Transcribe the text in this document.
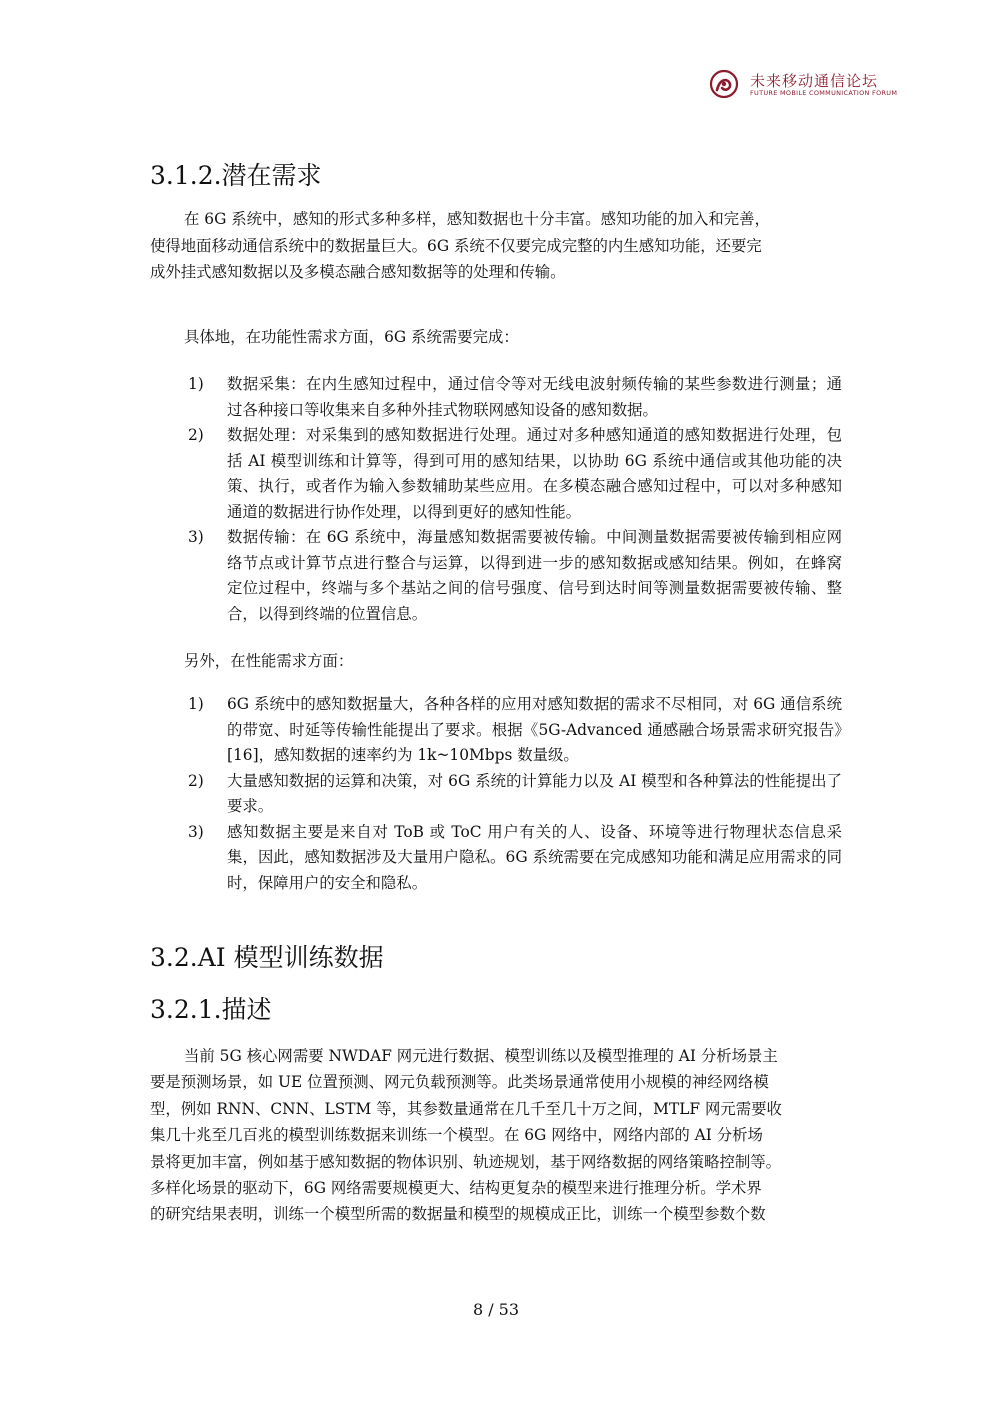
未来移动通信论坛
FUTURE MOBILE COMMUNICATION FORUM
3.1.2.潜在需求
在 6G 系统中，感知的形式多种多样，感知数据也十分丰富。感知功能的加入和完善，
使得地面移动通信系统中的数据量巨大。6G 系统不仅要完成完整的内生感知功能，还要完
成外挂式感知数据以及多模态融合感知数据等的处理和传输。

具体地，在功能性需求方面，6G 系统需要完成：

1) 数据采集：在内生感知过程中，通过信令等对无线电波射频传输的某些参数进行测量；通过各种接口等收集来自多种外挂式物联网感知设备的感知数据。
2) 数据处理：对采集到的感知数据进行处理。通过对多种感知通道的感知数据进行处理，包括 AI 模型训练和计算等，得到可用的感知结果，以协助 6G 系统中通信或其他功能的决策、执行，或者作为输入参数辅助某些应用。在多模态融合感知过程中，可以对多种感知通道的数据进行协作处理，以得到更好的感知性能。
3) 数据传输：在 6G 系统中，海量感知数据需要被传输。中间测量数据需要被传输到相应网络节点或计算节点进行整合与运算，以得到进一步的感知数据或感知结果。例如，在蜂窝定位过程中，终端与多个基站之间的信号强度、信号到达时间等测量数据需要被传输、整合，以得到终端的位置信息。

另外，在性能需求方面：

1) 6G 系统中的感知数据量大，各种各样的应用对感知数据的需求不尽相同，对 6G 通信系统的带宽、时延等传输性能提出了要求。根据《5G-Advanced 通感融合场景需求研究报告》[16]，感知数据的速率约为 1k~10Mbps 数量级。
2) 大量感知数据的运算和决策，对 6G 系统的计算能力以及 AI 模型和各种算法的性能提出了要求。
3) 感知数据主要是来自对 ToB 或 ToC 用户有关的人、设备、环境等进行物理状态信息采集，因此，感知数据涉及大量用户隐私。6G 系统需要在完成感知功能和满足应用需求的同时，保障用户的安全和隐私。
3.2.AI 模型训练数据
3.2.1.描述
当前 5G 核心网需要 NWDAF 网元进行数据、模型训练以及模型推理的 AI 分析场景主
要是预测场景，如 UE 位置预测、网元负载预测等。此类场景通常使用小规模的神经网络模
型，例如 RNN、CNN、LSTM 等，其参数量通常在几千至几十万之间，MTLF 网元需要收
集几十兆至几百兆的模型训练数据来训练一个模型。在 6G 网络中，网络内部的 AI 分析场
景将更加丰富，例如基于感知数据的物体识别、轨迹规划，基于网络数据的网络策略控制等。
多样化场景的驱动下，6G 网络需要规模更大、结构更复杂的模型来进行推理分析。学术界
的研究结果表明，训练一个模型所需的数据量和模型的规模成正比，训练一个模型参数个数
8 / 53
